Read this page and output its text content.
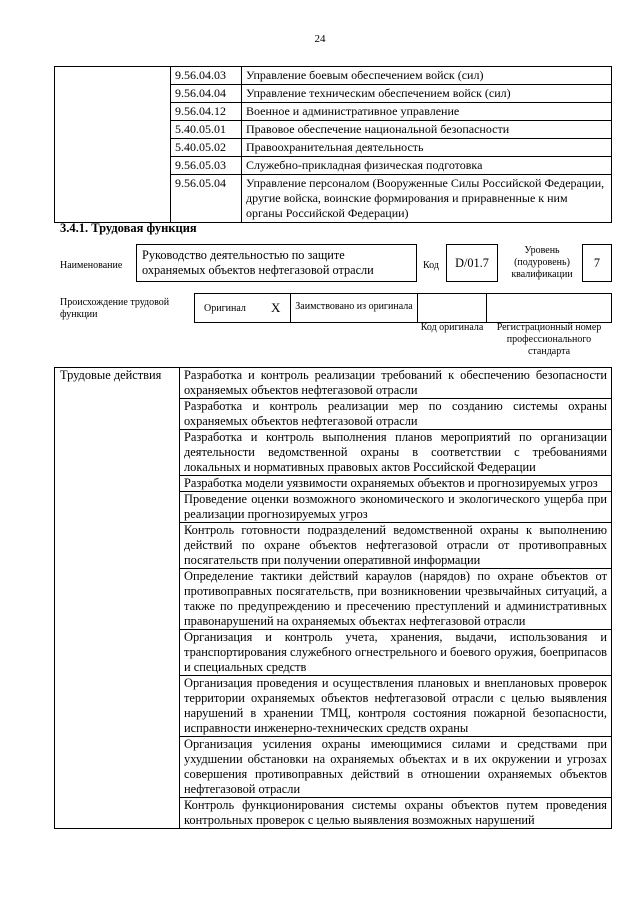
24
	9.56.04.03	Управление боевым обеспечением войск (сил)
	9.56.04.04	Управление техническим обеспечением войск (сил)
	9.56.04.12	Военное и административное управление
	5.40.05.01	Правовое обеспечение национальной безопасности
	5.40.05.02	Правоохранительная деятельность
	9.56.05.03	Служебно-прикладная физическая подготовка
	9.56.05.04	Управление персоналом (Вооруженные Силы Российской Федерации, другие войска, воинские формирования и приравненные к ним органы Российской Федерации)
3.4.1. Трудовая функция
Наименование
Руководство деятельностью по защите охраняемых объектов нефтегазовой отрасли	Код	D/01.7
Уровень (подуровень) квалификации
7
Происхождение трудовой функции
Оригинал X	Заимствовано из оригинала
Код оригинала	Регистрационный номер профессионального стандарта
Трудовые действия	Разработка и контроль реализации требований к обеспечению безопасности охраняемых объектов нефтегазовой отрасли
Разработка и контроль реализации мер по созданию системы охраны охраняемых объектов нефтегазовой отрасли
Разработка и контроль выполнения планов мероприятий по организации деятельности ведомственной охраны в соответствии с требованиями локальных и нормативных правовых актов Российской Федерации
Разработка модели уязвимости охраняемых объектов и прогнозируемых угроз
Проведение оценки возможного экономического и экологического ущерба при реализации прогнозируемых угроз
Контроль готовности подразделений ведомственной охраны к выполнению действий по охране объектов нефтегазовой отрасли от противоправных посягательств при получении оперативной информации
Определение тактики действий караулов (нарядов) по охране объектов от противоправных посягательств, при возникновении чрезвычайных ситуаций, а также по предупреждению и пресечению преступлений и административных правонарушений на охраняемых объектах нефтегазовой отрасли
Организация и контроль учета, хранения, выдачи, использования и транспортирования служебного огнестрельного и боевого оружия, боеприпасов и специальных средств
Организация проведения и осуществления плановых и внеплановых проверок территории охраняемых объектов нефтегазовой отрасли с целью выявления нарушений в хранении ТМЦ, контроля состояния пожарной безопасности, исправности инженерно-технических средств охраны
Организация усиления охраны имеющимися силами и средствами при ухудшении обстановки на охраняемых объектах и в их окружении и угрозах совершения противоправных действий в отношении охраняемых объектов нефтегазовой отрасли
Контроль функционирования системы охраны объектов путем проведения контрольных проверок с целью выявления возможных нарушений
